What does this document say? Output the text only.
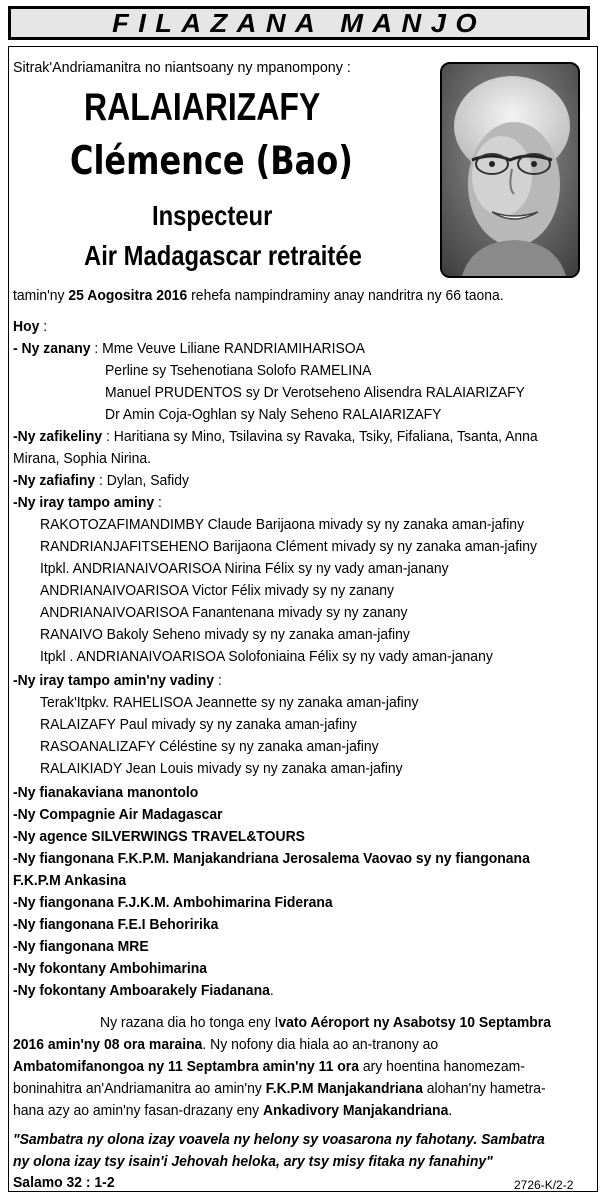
FILAZANA MANJO
Sitrak'Andriamanitra no niantsoany ny mpanompony :
RALAIARIZAFY
Clémence (Bao)
Inspecteur
Air Madagascar retraitée
tamin'ny 25 Aogositra 2016 rehefa nampindraminy anay nandritra ny 66 taona.
Hoy :
- Ny zanany : Mme Veuve Liliane RANDRIAMIHARISOA
Perline sy Tsehenotiana Solofo RAMELINA
Manuel PRUDENTOS sy Dr Verotseheno Alisendra RALAIARIZAFY
Dr Amin Coja-Oghlan sy Naly Seheno RALAIARIZAFY
-Ny zafikeliny : Haritiana sy Mino, Tsilavina sy Ravaka, Tsiky, Fifaliana, Tsanta, Anna
Mirana, Sophia Nirina.
-Ny zafiafiny : Dylan, Safidy
-Ny iray tampo aminy :
RAKOTOZAFIMANDIMBY Claude Barijaona mivady sy ny zanaka aman-jafiny
RANDRIANJAFITSEHENO Barijaona Clément mivady sy ny zanaka aman-jafiny
Itpkl. ANDRIANAIVOARISOA Nirina Félix sy ny vady aman-janany
ANDRIANAIVOARISOA Victor Félix mivady sy ny zanany
ANDRIANAIVOARISOA Fanantenana mivady sy ny zanany
RANAIVO Bakoly Seheno mivady sy ny zanaka aman-jafiny
Itpkl . ANDRIANAIVOARISOA Solofoniaina Félix sy ny vady aman-janany
-Ny iray tampo amin'ny vadiny :
Terak'Itpkv. RAHELISOA Jeannette sy ny zanaka aman-jafiny
RALAIZAFY Paul mivady sy ny zanaka aman-jafiny
RASOANALIZAFY Céléstine sy ny zanaka aman-jafiny
RALAIKIADY Jean Louis mivady sy ny zanaka aman-jafiny
-Ny fianakaviana manontolo
-Ny Compagnie Air Madagascar
-Ny agence SILVERWINGS TRAVEL&TOURS
-Ny fiangonana F.K.P.M. Manjakandriana Jerosalema Vaovao sy ny fiangonana
F.K.P.M Ankasina
-Ny fiangonana F.J.K.M. Ambohimarina Fiderana
-Ny fiangonana F.E.I Behoririka
-Ny fiangonana MRE
-Ny fokontany Ambohimarina
-Ny fokontany Amboarakely Fiadanana.
Ny razana dia ho tonga eny Ivato Aéroport ny Asabotsy 10 Septambra
2016 amin'ny 08 ora maraina. Ny nofony dia hiala ao an-tranony ao
Ambatomifanongoa ny 11 Septambra amin'ny 11 ora ary hoentina hanomezam-
boninahitra an'Andriamanitra ao amin'ny F.K.P.M Manjakandriana alohan'ny hametra-
hana azy ao amin'ny fasan-drazany eny Ankadivory Manjakandriana.
"Sambatra ny olona izay voavela ny helony sy voasarona ny fahotany. Sambatra
ny olona izay tsy isain'i Jehovah heloka, ary tsy misy fitaka ny fanahiny"
Salamo 32 : 1-2	2726-K/2-2
